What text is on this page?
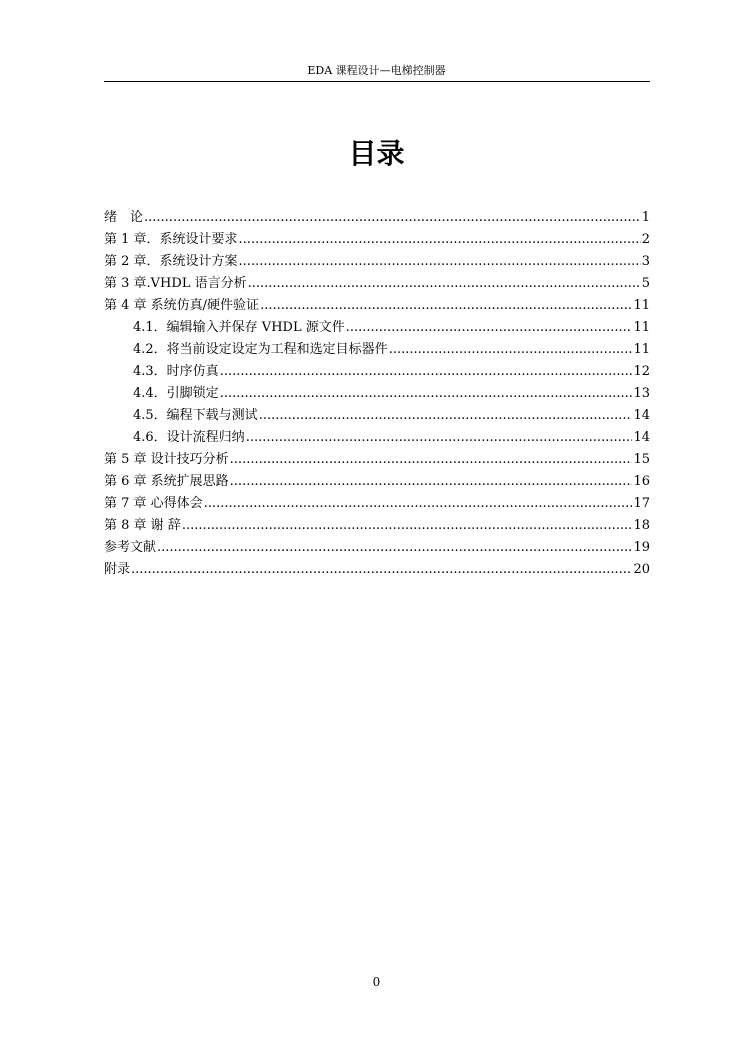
EDA 课程设计—电梯控制器
目录
绪　论 .....	1
第 1 章．系统设计要求 .....	2
第 2 章．系统设计方案 .....	3
第 3 章.VHDL 语言分析 .....	5
第 4 章 系统仿真/硬件验证 .....	11
4.1．编辑输入并保存 VHDL 源文件 .....	11
4.2．将当前设定设定为工程和选定目标器件 .....	11
4.3．时序仿真 .....	12
4.4．引脚锁定 .....	13
4.5．编程下载与测试 .....	14
4.6．设计流程归纳 .....	14
第 5 章 设计技巧分析 .....	15
第 6 章 系统扩展思路 .....	16
第 7 章 心得体会 .....	17
第 8 章 谢 辞 .....	18
参考文献 .....	19
附录 .....	20
0
